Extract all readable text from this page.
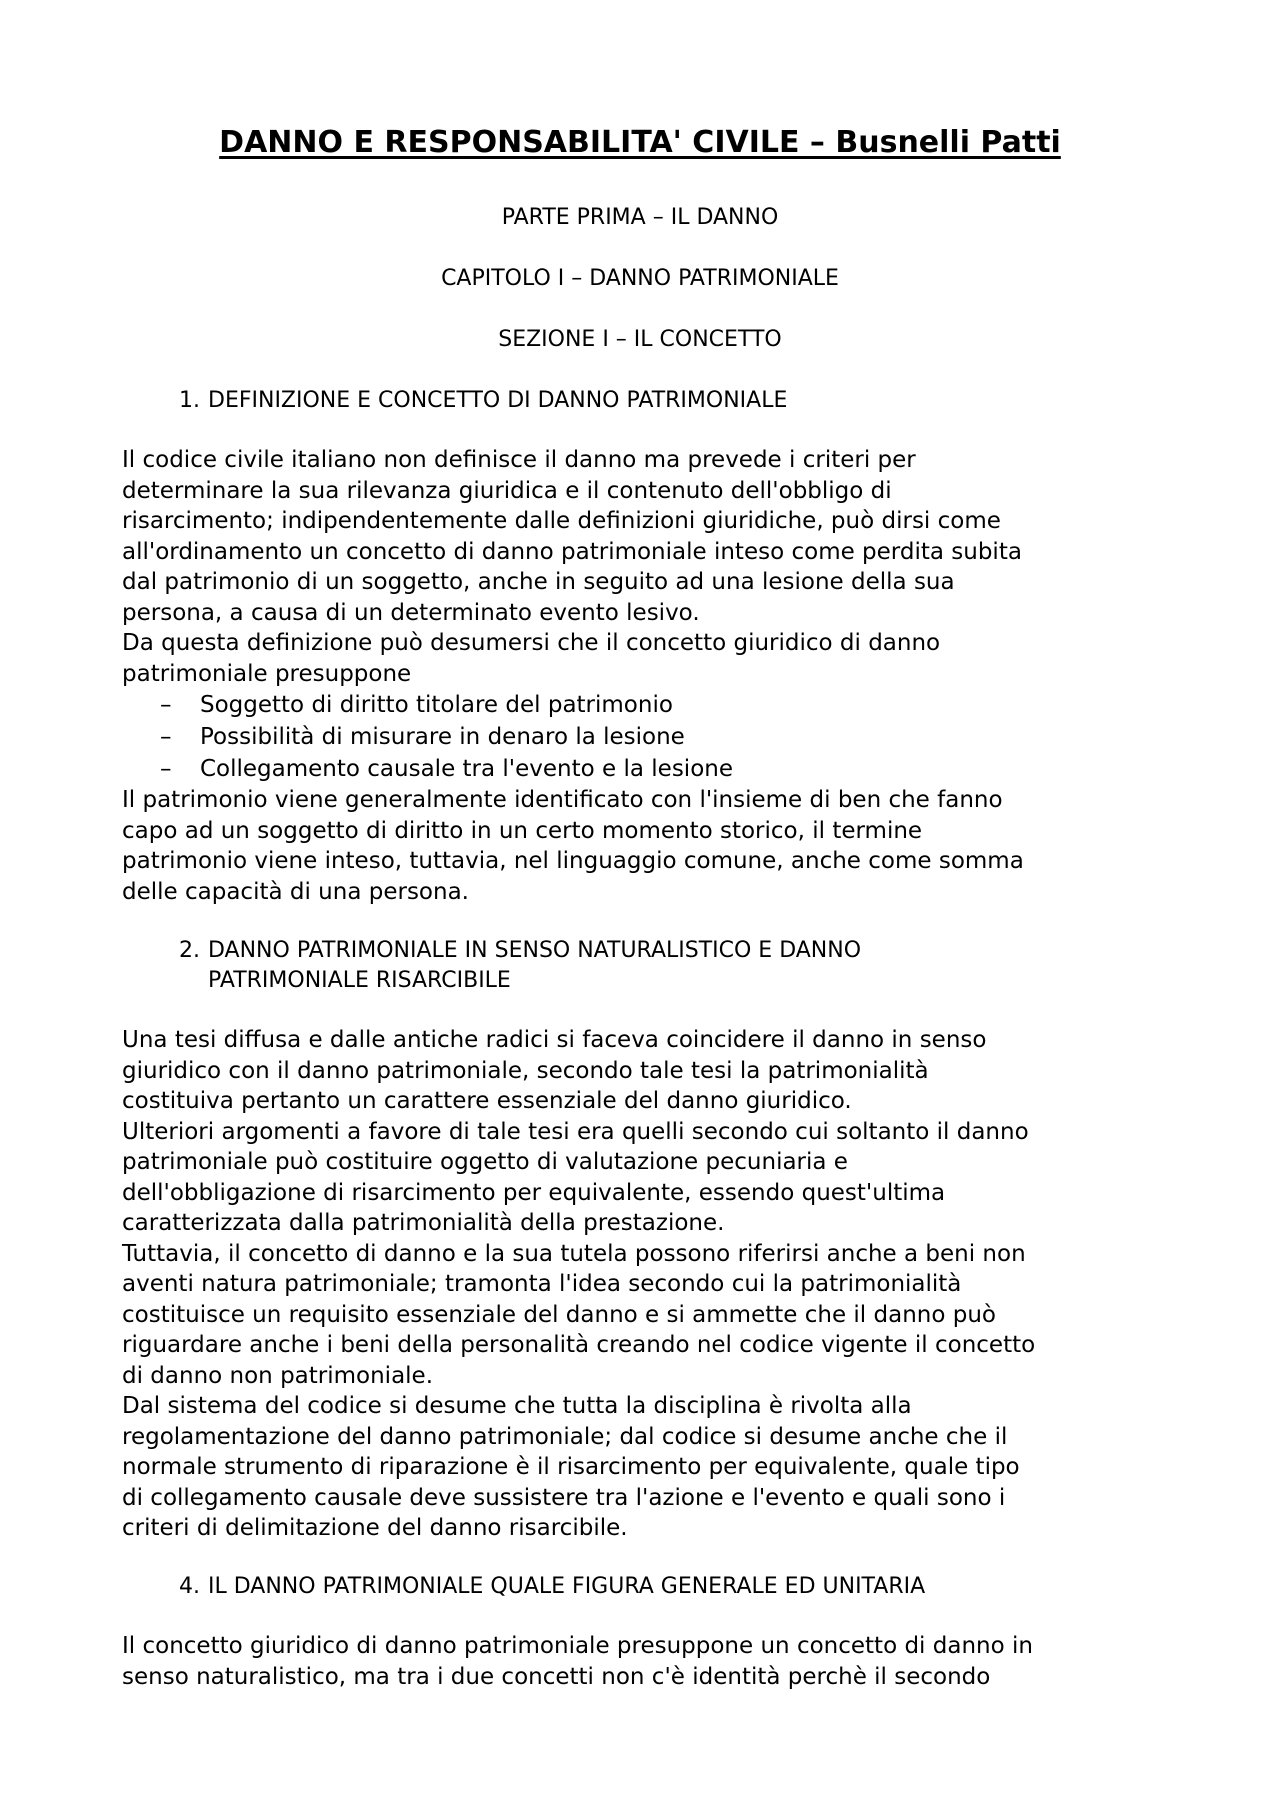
DANNO E RESPONSABILITA' CIVILE – Busnelli Patti

PARTE PRIMA – IL DANNO

CAPITOLO I – DANNO PATRIMONIALE

SEZIONE I – IL CONCETTO

1. DEFINIZIONE E CONCETTO DI DANNO PATRIMONIALE

Il codice civile italiano non definisce il danno ma prevede i criteri per
determinare la sua rilevanza giuridica e il contenuto dell'obbligo di
risarcimento; indipendentemente dalle definizioni giuridiche, può dirsi come
all'ordinamento un concetto di danno patrimoniale inteso come perdita subita
dal patrimonio di un soggetto, anche in seguito ad una lesione della sua
persona, a causa di un determinato evento lesivo.
Da questa definizione può desumersi che il concetto giuridico di danno
patrimoniale presuppone

– Soggetto di diritto titolare del patrimonio
– Possibilità di misurare in denaro la lesione
– Collegamento causale tra l'evento e la lesione

Il patrimonio viene generalmente identificato con l'insieme di ben che fanno
capo ad un soggetto di diritto in un certo momento storico, il termine
patrimonio viene inteso, tuttavia, nel linguaggio comune, anche come somma
delle capacità di una persona.

2. DANNO PATRIMONIALE IN SENSO NATURALISTICO E DANNO PATRIMONIALE RISARCIBILE

Una tesi diffusa e dalle antiche radici si faceva coincidere il danno in senso
giuridico con il danno patrimoniale, secondo tale tesi la patrimonialità
costituiva pertanto un carattere essenziale del danno giuridico.
Ulteriori argomenti a favore di tale tesi era quelli secondo cui soltanto il danno
patrimoniale può costituire oggetto di valutazione pecuniaria e
dell'obbligazione di risarcimento per equivalente, essendo quest'ultima
caratterizzata dalla patrimonialità della prestazione.
Tuttavia, il concetto di danno e la sua tutela possono riferirsi anche a beni non
aventi natura patrimoniale; tramonta l'idea secondo cui la patrimonialità
costituisce un requisito essenziale del danno e si ammette che il danno può
riguardare anche i beni della personalità creando nel codice vigente il concetto
di danno non patrimoniale.
Dal sistema del codice si desume che tutta la disciplina è rivolta alla
regolamentazione del danno patrimoniale; dal codice si desume anche che il
normale strumento di riparazione è il risarcimento per equivalente, quale tipo
di collegamento causale deve sussistere tra l'azione e l'evento e quali sono i
criteri di delimitazione del danno risarcibile.

4. IL DANNO PATRIMONIALE QUALE FIGURA GENERALE ED UNITARIA

Il concetto giuridico di danno patrimoniale presuppone un concetto di danno in
senso naturalistico, ma tra i due concetti non c'è identità perchè il secondo
